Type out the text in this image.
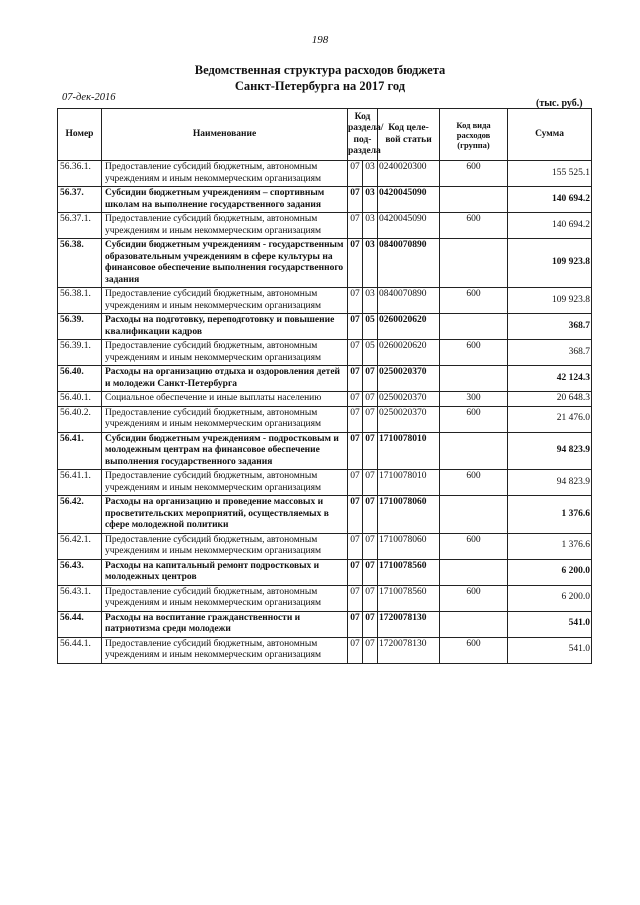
198
Ведомственная структура расходов бюджета
Санкт-Петербурга на 2017 год
07-дек-2016
(тыс. руб.)
Номер	Наименование	Код раздела/ под- раздела		Код целе- вой статьи	Код вида расходов (группа)	Сумма
56.36.1.	Предоставление субсидий бюджетным, автономным учреждениям и иным некоммерческим организациям	07	03	0240020300	600	155 525.1
56.37.	Субсидии бюджетным учреждениям – спортивным школам на выполнение государственного задания	07	03	0420045090		140 694.2
56.37.1.	Предоставление субсидий бюджетным, автономным учреждениям и иным некоммерческим организациям	07	03	0420045090	600	140 694.2
56.38.	Субсидии бюджетным учреждениям - государственным образовательным учреждениям в сфере культуры на финансовое обеспечение выполнения государственного задания	07	03	0840070890		109 923.8
56.38.1.	Предоставление субсидий бюджетным, автономным учреждениям и иным некоммерческим организациям	07	03	0840070890	600	109 923.8
56.39.	Расходы на подготовку, переподготовку и повышение квалификации кадров	07	05	0260020620		368.7
56.39.1.	Предоставление субсидий бюджетным, автономным учреждениям и иным некоммерческим организациям	07	05	0260020620	600	368.7
56.40.	Расходы на организацию отдыха и оздоровления детей и молодежи Санкт-Петербурга	07	07	0250020370		42 124.3
56.40.1.	Социальное обеспечение и иные выплаты населению	07	07	0250020370	300	20 648.3
56.40.2.	Предоставление субсидий бюджетным, автономным учреждениям и иным некоммерческим организациям	07	07	0250020370	600	21 476.0
56.41.	Субсидии бюджетным учреждениям - подростковым и молодежным центрам на финансовое обеспечение выполнения государственного задания	07	07	1710078010		94 823.9
56.41.1.	Предоставление субсидий бюджетным, автономным учреждениям и иным некоммерческим организациям	07	07	1710078010	600	94 823.9
56.42.	Расходы на организацию и проведение массовых и просветительских мероприятий, осуществляемых в сфере молодежной политики	07	07	1710078060		1 376.6
56.42.1.	Предоставление субсидий бюджетным, автономным учреждениям и иным некоммерческим организациям	07	07	1710078060	600	1 376.6
56.43.	Расходы на капитальный ремонт подростковых и молодежных центров	07	07	1710078560		6 200.0
56.43.1.	Предоставление субсидий бюджетным, автономным учреждениям и иным некоммерческим организациям	07	07	1710078560	600	6 200.0
56.44.	Расходы на воспитание гражданственности и патриотизма среди молодежи	07	07	1720078130		541.0
56.44.1.	Предоставление субсидий бюджетным, автономным учреждениям и иным некоммерческим организациям	07	07	1720078130	600	541.0
